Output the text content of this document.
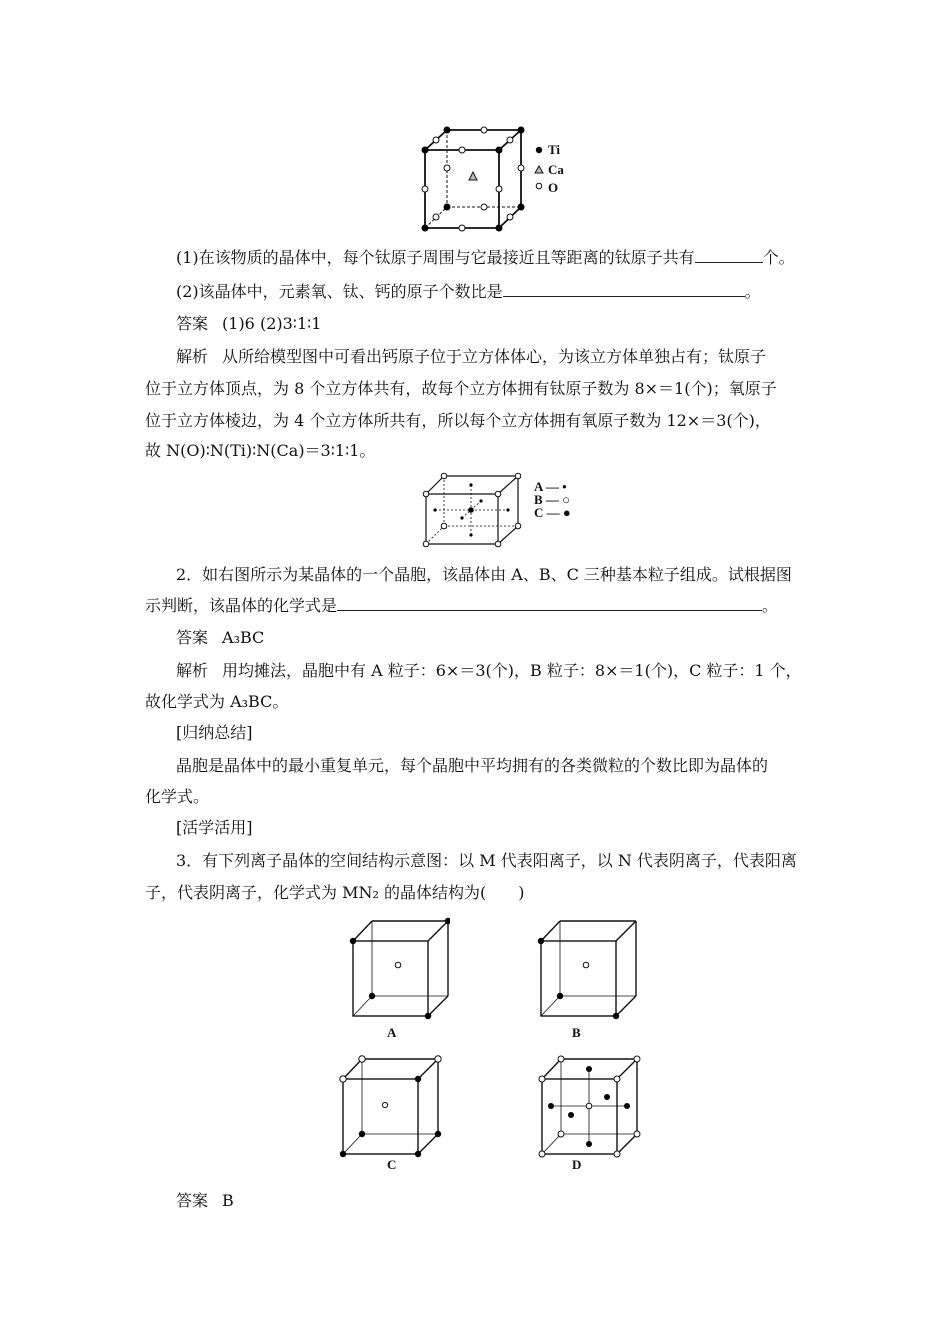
Ti
Ca
O
(1)在该物质的晶体中，每个钛原子周围与它最接近且等距离的钛原子共有	个。
(2)该晶体中，元素氧、钛、钙的原子个数比是	。
答案 (1)6 (2)3∶1∶1
解析 从所给模型图中可看出钙原子位于立方体体心，为该立方体单独占有；钛原子
位于立方体顶点，为 8 个立方体共有，故每个立方体拥有钛原子数为 8×＝1(个)；氧原子
位于立方体棱边，为 4 个立方体所共有，所以每个立方体拥有氧原子数为 12×＝3(个)，
故 N(O)∶N(Ti)∶N(Ca)＝3∶1∶1。
A — •
B — ○
C — ●
2．如右图所示为某晶体的一个晶胞，该晶体由 A、B、C 三种基本粒子组成。试根据图
示判断，该晶体的化学式是	。
答案 A₃BC
解析 用均摊法，晶胞中有 A 粒子：6×＝3(个)，B 粒子：8×＝1(个)，C 粒子：1 个，
故化学式为 A₃BC。
[归纳总结]
晶胞是晶体中的最小重复单元，每个晶胞中平均拥有的各类微粒的个数比即为晶体的
化学式。
[活学活用]
3．有下列离子晶体的空间结构示意图：以 M 代表阳离子，以 N 代表阴离子，代表阳离
子，代表阴离子，化学式为 MN₂ 的晶体结构为(　　)
A	B
C	D
答案 B
